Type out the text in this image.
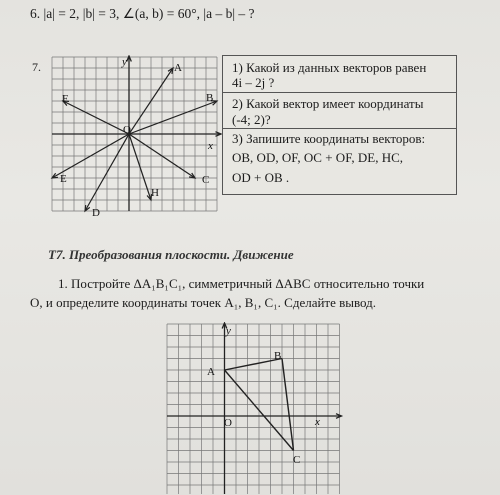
6. |a| = 2, |b| = 3, ∠(a, b) = 60°, |a – b| – ?
7.	y
x
O
A
B
C
D
E
F
H
1) Какой из данных векторов равен
4i – 2j ?
2) Какой вектор имеет координаты
(-4; 2)?
3) Запишите координаты векторов:
OB, OD, OF, OC + OF, DE, HC,
OD + OB .
Т7. Преобразования плоскости. Движение
1. Постройте ΔA₁B₁C₁, симметричный ΔABC относительно точки
O, и определите координаты точек A₁, B₁, C₁. Сделайте вывод.
y
x
O
A
B
C
